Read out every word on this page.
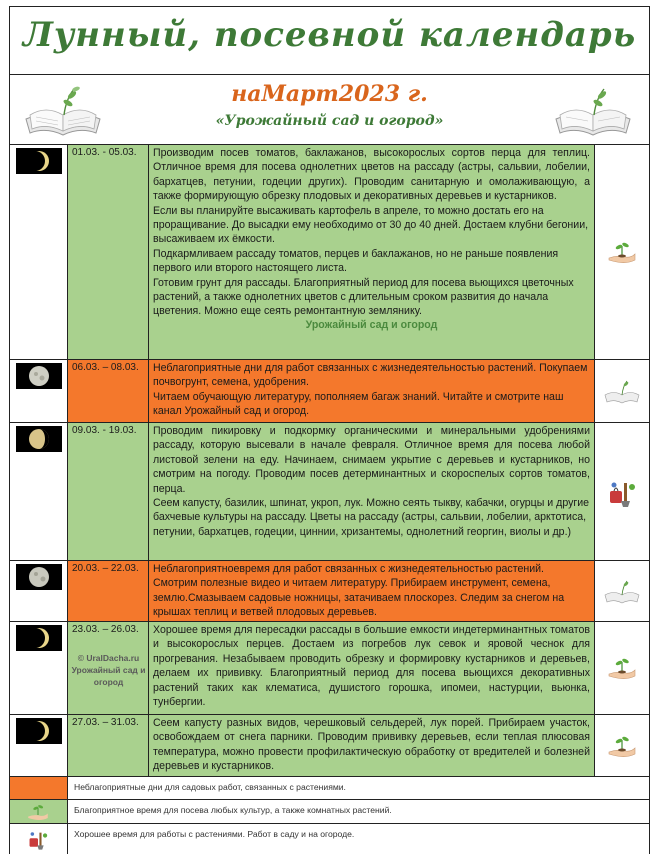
Лунный, посевной календарь
наМарт2023 г.
«Урожайный сад и огород»
01.03. - 05.03. Производим посев томатов, баклажанов, высокорослых сортов перца для теплиц. Отличное время для посева однолетних цветов на рассаду (астры, сальвии, лобелии, бархатцев, петунии, годеции других). Проводим санитарную и омолаживающую, а также формирующую обрезку плодовых и декоративных деревьев и кустарников.
Если вы планируйте высаживать картофель в апреле, то можно достать его на проращивание. До высадки ему необходимо от 30 до 40 дней. Достаем клубни бегонии, высаживаем их ёмкости.
Подкармливаем рассаду томатов, перцев и баклажанов, но не раньше появления первого или второго настоящего листа.
Готовим грунт для рассады. Благоприятный период для посева вьющихся цветочных растений, а также однолетних цветов с длительным сроком развития до начала цветения. Можно еще сеять ремонтантную землянику.
Урожайный сад и огород
06.03. – 08.03. Неблагоприятные дни для работ связанных с жизнедеятельностью растений. Покупаем почвогрунт, семена, удобрения.
Читаем обучающую литературу, пополняем багаж знаний. Читайте и смотрите наш канал Урожайный сад и огород.
09.03. - 19.03. Проводим пикировку и подкормку органическими и минеральными удобрениями рассаду, которую высевали в начале февраля. Отличное время для посева любой листовой зелени на еду. Начинаем, снимаем укрытие с деревьев и кустарников, но смотрим на погоду. Проводим посев детерминантных и скороспелых сортов томатов, перца.
Сеем капусту, базилик, шпинат, укроп, лук. Можно сеять тыкву, кабачки, огурцы и другие бахчевые культуры на рассаду. Цветы на рассаду (астры, сальвии, лобелии, арктотиса, петунии, бархатцев, годеции, циннии, хризантемы, однолетний георгин, виолы и др.)
20.03. – 22.03. Неблагоприятноевремя для работ связанных с жизнедеятельностью растений. Смотрим полезные видео и читаем литературу. Прибираем инструмент, семена, землю.Смазываем садовые ножницы, затачиваем плоскорез. Следим за снегом на крышах теплиц и ветвей плодовых деревьев.
23.03. – 26.03.
© UralDacha.ru Урожайный сад и огород
Хорошее время для пересадки рассады в большие емкости индетерминантных томатов и высокорослых перцев. Достаем из погребов лук севок и яровой чеснок для прогревания. Незабываем проводить обрезку и формировку кустарников и деревьев, делаем их прививку. Благоприятный период для посева вьющихся декоративных растений таких как клематиса, душистого горошка, ипомеи, настурции, вьюнка, тунбергии.
27.03. – 31.03. Сеем капусту разных видов, черешковый сельдерей, лук порей. Прибираем участок, освобождаем от снега парники. Проводим прививку деревьев, если теплая плюсовая температура, можно провести профилактическую обработку от вредителей и болезней деревьев и кустарников.
Неблагоприятные дни для садовых работ, связанных с растениями.
Благоприятное время для посева любых культур, а также комнатных растений.
Хорошее время для работы с растениями. Работ в саду и на огороде.
